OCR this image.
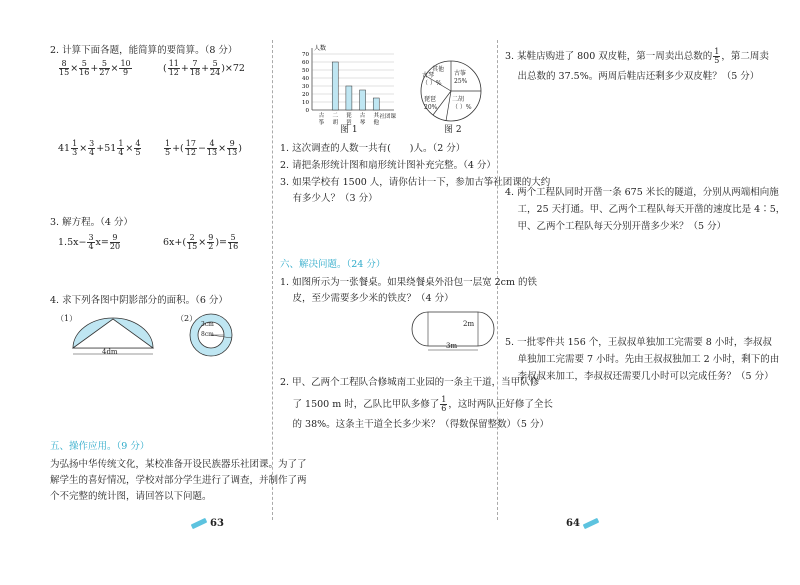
2. 计算下面各题，能简算的要简算。（8 分）
$\frac{8}{15} \times \frac{5}{16} + \frac{5}{27} \times \frac{10}{9}$	( $\frac{11}{12} + \frac{7}{18} + \frac{5}{24} )\times 72$
$41 \frac{1}{3} \times \frac{3}{4} +51 \frac{1}{4} \times \frac{4}{5}$	$\frac{1}{5}$ +( $\frac{17}{12} - \frac{4}{13} \times \frac{9}{13}$ )
3. 解方程。（4 分）
$1.5x- \frac{3}{4} x= \frac{9}{20}$	$6x+( \frac{2}{15} \times \frac{9}{2}$ )= $\frac{5}{16}$
4. 求下列各图中阴影部分的面积。（6 分）
（1）
4dm
（2）
3cm
8cm
五、操作应用。（9 分）
为弘扬中华传统文化，某校准备开设民族器乐社团课。为了了
解学生的喜好情况，学校对部分学生进行了调查，并制作了两
个不完整的统计图，请回答以下问题。
63
人数
70
60
50
40
30
20
10
0
古
筝
二
胡
琵
琶
古
琴
其
他
社团课
图 1
古筝
25%
古琴
（ ）%
其他
琵琶
20%
二胡
（ ）%
图 2
1. 这次调查的人数一共有(　　)人。（2 分）
2. 请把条形统计图和扇形统计图补充完整。（4 分）
3. 如果学校有 1500 人，请你估计一下，参加古筝社团课的大约
　 有多少人？（3 分）
六、解决问题。（24 分）
1. 如图所示为一张餐桌。如果绕餐桌外沿包一层宽 2cm 的铁
　 皮，至少需要多少米的铁皮？（4 分）
2m
3m
2. 甲、乙两个工程队合修城南工业园的一条主干道，当甲队修
　 了 1500 m 时，乙队比甲队多修了 $\frac{1}{6}$ ，这时两队正好修了全长
　 的 38%。这条主干道全长多少米？（得数保留整数）（5 分）
3. 某鞋店购进了 800 双皮鞋，第一周卖出总数的 $\frac{1}{5}$ ，第二周卖
　 出总数的 37.5%。两周后鞋店还剩多少双皮鞋？（5 分）
4. 两个工程队同时开凿一条 675 米长的隧道，分别从两端相向施
　 工，25 天打通。甲、乙两个工程队每天开凿的速度比是 4∶5，
　 甲、乙两个工程队每天分别开凿多少米？（5 分）
5. 一批零件共 156 个，王叔叔单独加工完需要 8 小时，李叔叔
　 单独加工完需要 7 小时。先由王叔叔独加工 2 小时，剩下的由
　 李叔叔来加工，李叔叔还需要几小时可以完成任务？（5 分）
64
